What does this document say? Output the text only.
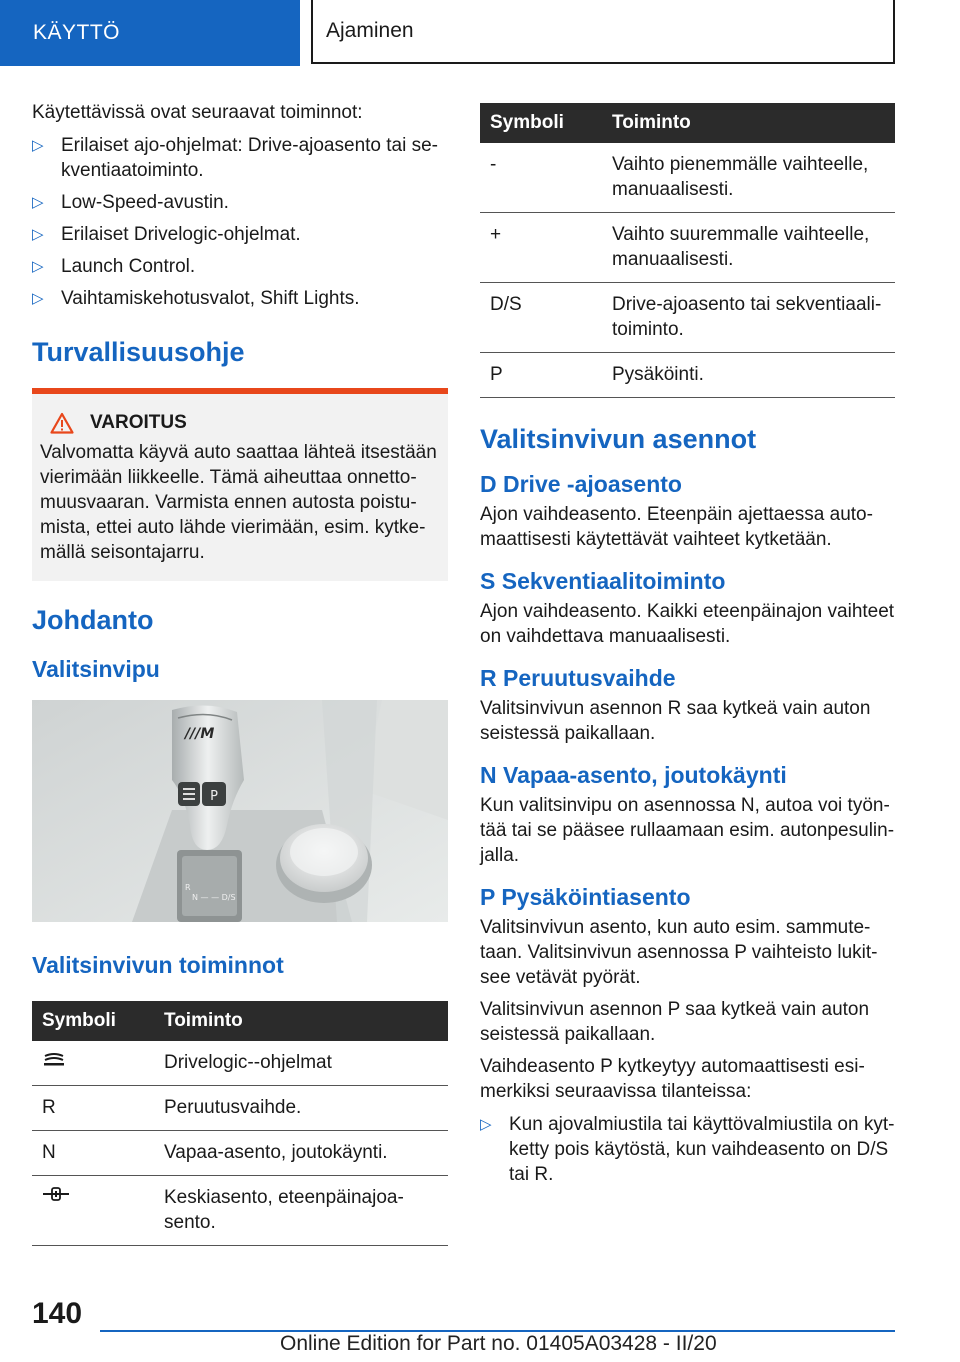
KÄYTTÖ	Ajaminen

Käytettävissä ovat seuraavat toiminnot:

▷ Erilaiset ajo-ohjelmat: Drive-ajoasento tai se-kventiaatoiminto.
▷ Low-Speed-avustin.
▷ Erilaiset Drivelogic-ohjelmat.
▷ Launch Control.
▷ Vaihtamiskehotusvalot, Shift Lights.
Turvallisuusohje
VAROITUS

Valvomatta käyvä auto saattaa lähteä itsestään vierimään liikkeelle. Tämä aiheuttaa onnetto-muusvaaran. Varmista ennen autosta poistu-mista, ettei auto lähde vierimään, esim. kytke-mällä seisontajarru.

Johdanto
Valitsinvipu
///M
P
R
N — — D/S
Valitsinvivun toiminnot
Symboli	Toiminto
	Drivelogic--ohjelmat
R	Peruutusvaihde.
N	Vapaa-asento, joutokäynti.
	Keskiasento, eteenpäinajoa-sento.
Symboli	Toiminto
-	Vaihto pienemmälle vaihteelle, manuaalisesti.
+	Vaihto suuremmalle vaihteelle, manuaalisesti.
D/S	Drive-ajoasento tai sekventiaali-toiminto.
P	Pysäköinti.
Valitsinvivun asennot
D Drive -ajoasento

Ajon vaihdeasento. Eteenpäin ajettaessa auto-maattisesti käytettävät vaihteet kytketään.

S Sekventiaalitoiminto

Ajon vaihdeasento. Kaikki eteenpäinajon vaihteet on vaihdettava manuaalisesti.

R Peruutusvaihde

Valitsinvivun asennon R saa kytkeä vain auton seistessä paikallaan.

N Vapaa-asento, joutokäynti

Kun valitsinvipu on asennossa N, autoa voi työn-tää tai se pääsee rullaamaan esim. autonpesulin-jalla.

P Pysäköintiasento

Valitsinvivun asento, kun auto esim. sammute-taan. Valitsinvivun asennossa P vaihteisto lukit-see vetävät pyörät.

Valitsinvivun asennon P saa kytkeä vain auton seistessä paikallaan.

Vaihdeasento P kytkeytyy automaattisesti esi-merkiksi seuraavissa tilanteissa:

▷ Kun ajovalmiustila tai käyttövalmiustila on kyt-ketty pois käytöstä, kun vaihdeasento on D/S tai R.
140
Online Edition for Part no. 01405A03428 - II/20
